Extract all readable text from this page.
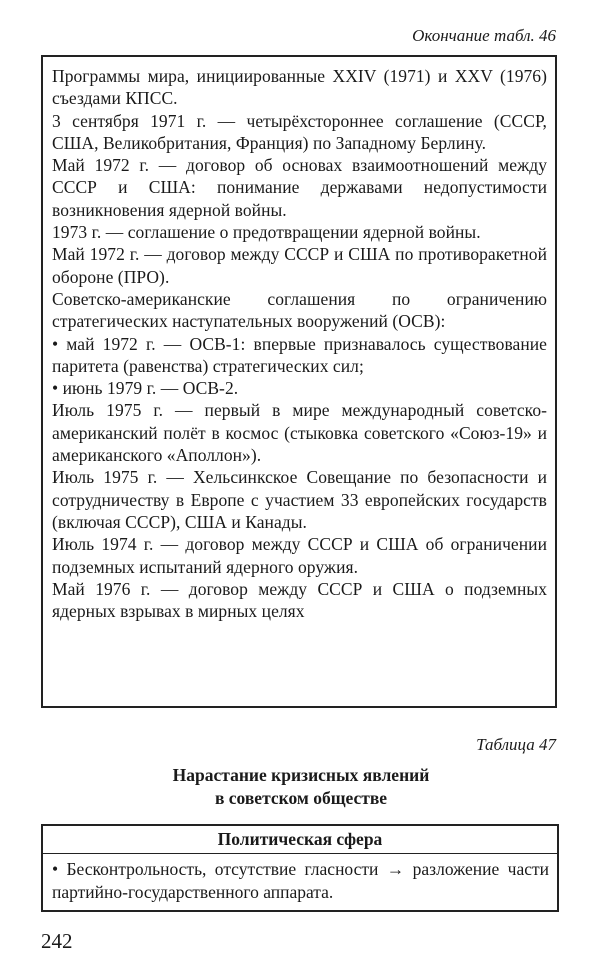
Окончание табл. 46

Программы мира, инициированные XXIV (1971) и XXV (1976) съездами КПСС.

3 сентября 1971 г. — четырёхстороннее соглашение (СССР, США, Великобритания, Франция) по Западному Берлину.

Май 1972 г. — договор об основах взаимоотношений между СССР и США: понимание державами недопустимости возникновения ядерной войны.

1973 г. — соглашение о предотвращении ядерной войны.

Май 1972 г. — договор между СССР и США по противоракетной обороне (ПРО).

Советско-американские соглашения по ограничению стратегических наступательных вооружений (ОСВ):

• май 1972 г. — ОСВ-1: впервые признавалось существование паритета (равенства) стратегических сил;

• июнь 1979 г. — ОСВ-2.

Июль 1975 г. — первый в мире международный советско-американский полёт в космос (стыковка советского «Союз-19» и американского «Аполлон»).

Июль 1975 г. — Хельсинкское Совещание по безопасности и сотрудничеству в Европе с участием 33 европейских государств (включая СССР), США и Канады.

Июль 1974 г. — договор между СССР и США об ограничении подземных испытаний ядерного оружия.

Май 1976 г. — договор между СССР и США о подземных ядерных взрывах в мирных целях

Таблица 47
Нарастание кризисных явлений
в советском обществе
Политическая сфера
• Бесконтрольность, отсутствие гласности → разложение части партийно-государственного аппарата.
242
